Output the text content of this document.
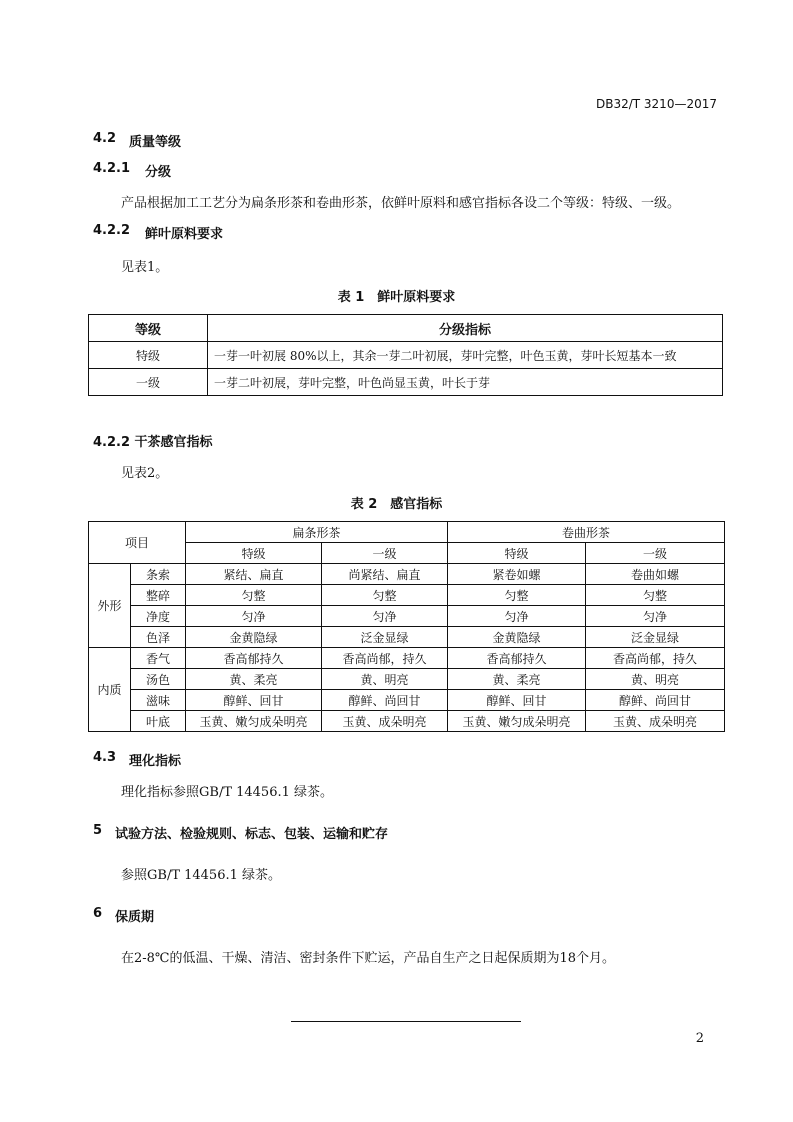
DB32/T 3210—2017
4.2 质量等级
4.2.1 分级
产品根据加工工艺分为扁条形茶和卷曲形茶，依鲜叶原料和感官指标各设二个等级：特级、一级。
4.2.2 鲜叶原料要求
见表1。
表 1　鲜叶原料要求
等级	分级指标
特级	一芽一叶初展 80%以上，其余一芽二叶初展，芽叶完整，叶色玉黄，芽叶长短基本一致
一级	一芽二叶初展，芽叶完整，叶色尚显玉黄，叶长于芽
4.2.2 干茶感官指标
见表2。
表 2　感官指标
项目		扁条形茶		卷曲形茶	
		特级	一级	特级	一级
外形	条索	紧结、扁直	尚紧结、扁直	紧卷如螺	卷曲如螺
	整碎	匀整	匀整	匀整	匀整
	净度	匀净	匀净	匀净	匀净
	色泽	金黄隐绿	泛金显绿	金黄隐绿	泛金显绿
内质	香气	香高郁持久	香高尚郁，持久	香高郁持久	香高尚郁，持久
	汤色	黄、柔亮	黄、明亮	黄、柔亮	黄、明亮
	滋味	醇鲜、回甘	醇鲜、尚回甘	醇鲜、回甘	醇鲜、尚回甘
	叶底	玉黄、嫩匀成朵明亮	玉黄、成朵明亮	玉黄、嫩匀成朵明亮	玉黄、成朵明亮
4.3 理化指标
理化指标参照GB/T 14456.1 绿茶。
5 试验方法、检验规则、标志、包装、运输和贮存
参照GB/T 14456.1 绿茶。
6 保质期
在2-8℃的低温、干燥、清洁、密封条件下贮运，产品自生产之日起保质期为18个月。
2
